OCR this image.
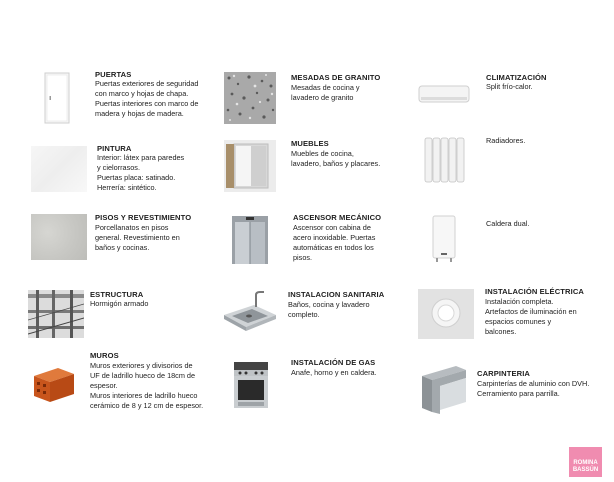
PUERTAS
Puertas exteriores de seguridad
con marco y hojas de chapa.
Puertas interiores con marco de
madera y hojas de madera.
PINTURA
Interior: látex para paredes
y cielorrasos.
Puertas placa: satinado.
Herrería: sintético.
PISOS Y REVESTIMIENTO
Porcellanatos en pisos
general. Revestimiento en
baños y cocinas.
ESTRUCTURA
Hormigón armado
MUROS
Muros exteriores y divisorios de
UF de ladrillo hueco de 18cm de
espesor.
Muros interiores de ladrillo hueco
cerámico de 8 y 12 cm de espesor.
MESADAS DE GRANITO
Mesadas de cocina y
lavadero de granito
MUEBLES
Muebles de cocina,
lavadero, baños y placares.
ASCENSOR MECÁNICO
Ascensor con cabina de
acero inoxidable. Puertas
automáticas en todos los
pisos.
INSTALACION SANITARIA
Baños, cocina y lavadero
completo.
INSTALACIÓN DE GAS
Anafe, horno y en caldera.
CLIMATIZACIÓN
Split frío-calor.
Radiadores.
Caldera dual.
INSTALACIÓN ELÉCTRICA
Instalación completa.
Artefactos de iluminación en
espacios comunes y
balcones.
CARPINTERIA
Carpinterías de aluminio con DVH.
Cerramiento para parrilla.
ROMINA
BASSÚN
